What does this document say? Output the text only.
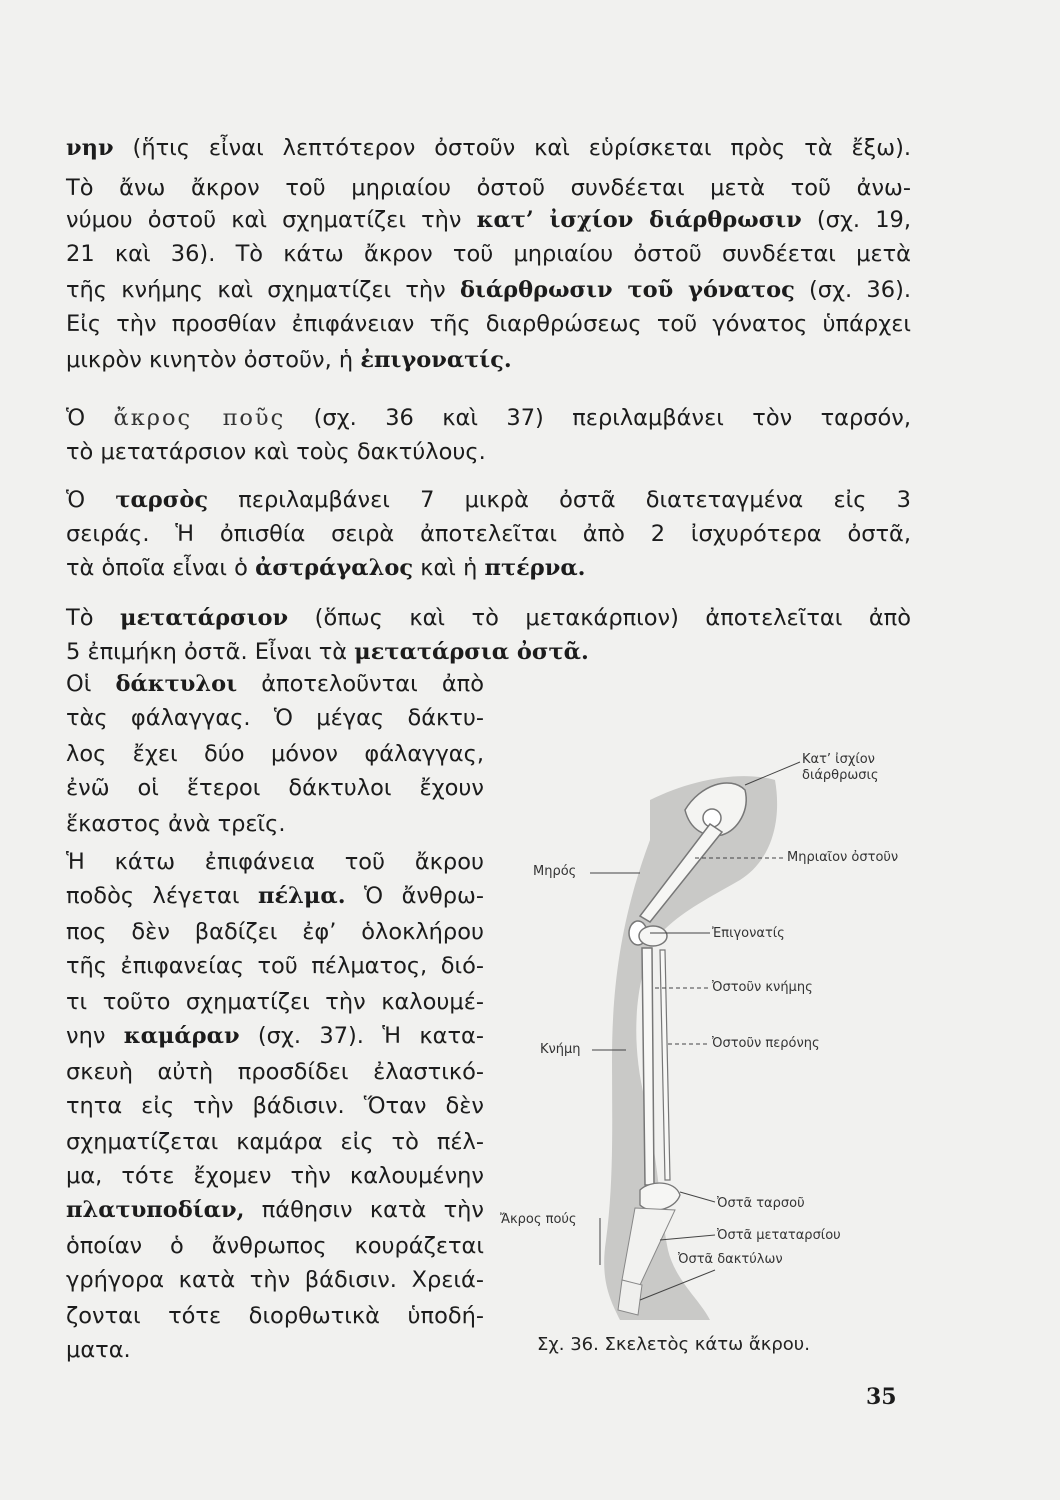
νην (ἥτις εἶναι λεπτότερον ὀστοῦν καὶ εὑρίσκεται πρὸς τὰ ἔξω).
Τὸ ἄνω ἄκρον τοῦ μηριαίου ὀστοῦ συνδέεται μετὰ τοῦ ἀνω-
νύμου ὀστοῦ καὶ σχηματίζει τὴν κατ’ ἰσχίον διάρθρωσιν (σχ. 19,
21 καὶ 36). Τὸ κάτω ἄκρον τοῦ μηριαίου ὀστοῦ συνδέεται μετὰ
τῆς κνήμης καὶ σχηματίζει τὴν διάρθρωσιν τοῦ γόνατος (σχ. 36).
Εἰς τὴν προσθίαν ἐπιφάνειαν τῆς διαρθρώσεως τοῦ γόνατος ὑπάρχει
μικρὸν κινητὸν ὀστοῦν, ἡ ἐπιγονατίς.
Ὁ ἄκρος ποῦς (σχ. 36 καὶ 37) περιλαμβάνει τὸν ταρσόν,
τὸ μετατάρσιον καὶ τοὺς δακτύλους.
Ὁ ταρσὸς περιλαμβάνει 7 μικρὰ ὀστᾶ διατεταγμένα εἰς 3
σειράς. Ἡ ὀπισθία σειρὰ ἀποτελεῖται ἀπὸ 2 ἰσχυρότερα ὀστᾶ,
τὰ ὁποῖα εἶναι ὁ ἀστράγαλος καὶ ἡ πτέρνα.
Τὸ μετατάρσιον (ὅπως καὶ τὸ μετακάρπιον) ἀποτελεῖται ἀπὸ
5 ἐπιμήκη ὀστᾶ. Εἶναι τὰ μετατάρσια ὀστᾶ.
Οἱ δάκτυλοι ἀποτελοῦνται ἀπὸ
τὰς φάλαγγας. Ὁ μέγας δάκτυ-
λος ἔχει δύο μόνον φάλαγγας,
ἐνῶ οἱ ἕτεροι δάκτυλοι ἔχουν
ἕκαστος ἀνὰ τρεῖς.
Ἡ κάτω ἐπιφάνεια τοῦ ἄκρου
ποδὸς λέγεται πέλμα. Ὁ ἄνθρω-
πος δὲν βαδίζει ἐφ’ ὁλοκλήρου
τῆς ἐπιφανείας τοῦ πέλματος, διό-
τι τοῦτο σχηματίζει τὴν καλουμέ-
νην καμάραν (σχ. 37). Ἡ κατα-
σκευὴ αὐτὴ προσδίδει ἐλαστικό-
τητα εἰς τὴν βάδισιν. Ὅταν δὲν
σχηματίζεται καμάρα εἰς τὸ πέλ-
μα, τότε ἔχομεν τὴν καλουμένην
πλατυποδίαν, πάθησιν κατὰ τὴν
ὁποίαν ὁ ἄνθρωπος κουράζεται
γρήγορα κατὰ τὴν βάδισιν. Χρειά-
ζονται τότε διορθωτικὰ ὑποδή-
ματα.
Κατ’ ἰσχίον
διάρθρωσις
Μηριαῖον ὀστοῦν
Μηρός
Ἐπιγονατίς
Ὀστοῦν κνήμης
Ὀστοῦν περόνης
Κνήμη
Ὀστᾶ ταρσοῦ
Ἄκρος πούς
Ὀστᾶ μεταταρσίου
Ὀστᾶ δακτύλων
Σχ. 36. Σκελετὸς κάτω ἄκρου.
35
